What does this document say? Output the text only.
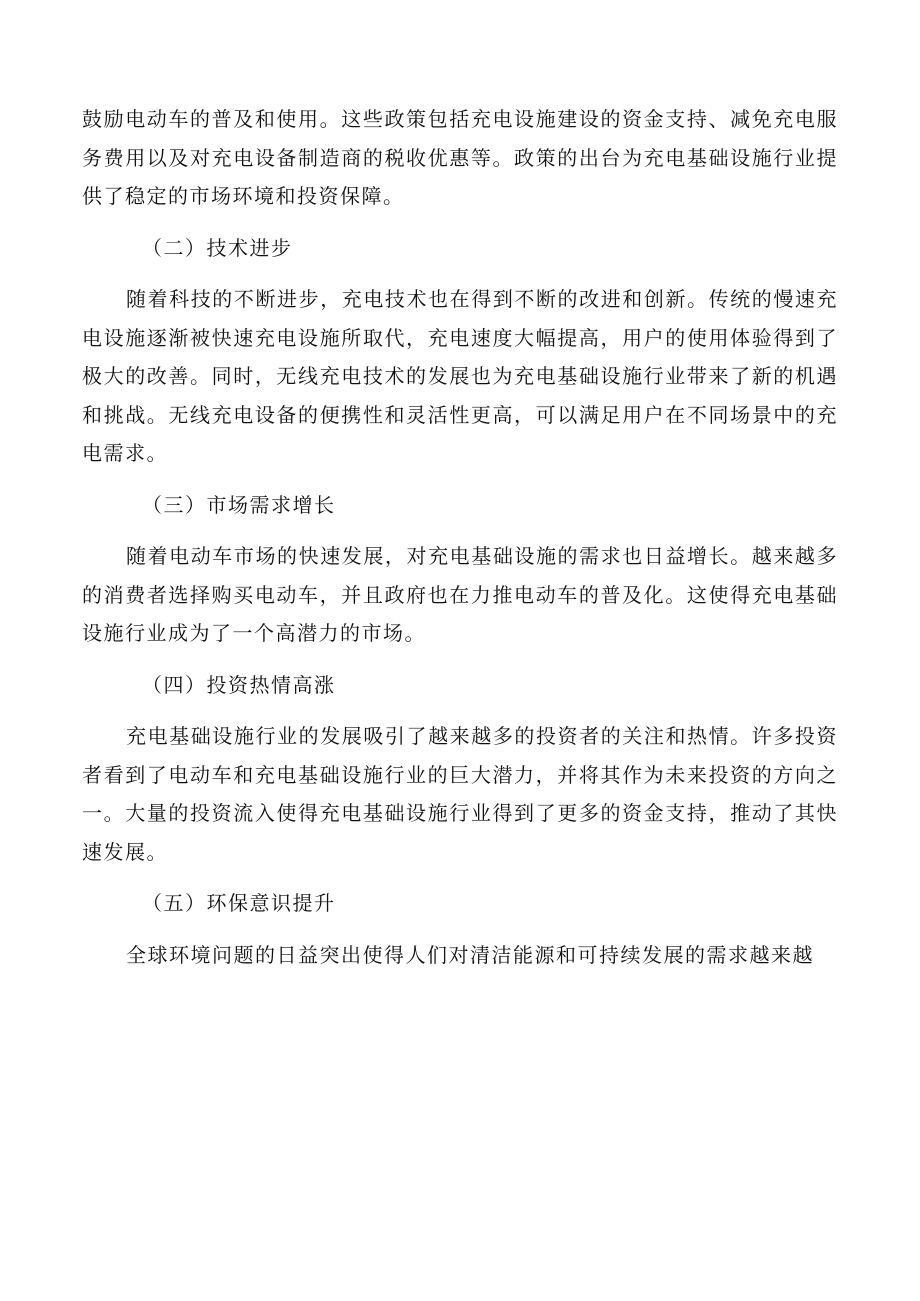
鼓励电动车的普及和使用。这些政策包括充电设施建设的资金支持、减免充电服务费用以及对充电设备制造商的税收优惠等。政策的出台为充电基础设施行业提供了稳定的市场环境和投资保障。

（二）技术进步

随着科技的不断进步，充电技术也在得到不断的改进和创新。传统的慢速充电设施逐渐被快速充电设施所取代，充电速度大幅提高，用户的使用体验得到了极大的改善。同时，无线充电技术的发展也为充电基础设施行业带来了新的机遇和挑战。无线充电设备的便携性和灵活性更高，可以满足用户在不同场景中的充电需求。

（三）市场需求增长

随着电动车市场的快速发展，对充电基础设施的需求也日益增长。越来越多的消费者选择购买电动车，并且政府也在力推电动车的普及化。这使得充电基础设施行业成为了一个高潜力的市场。

（四）投资热情高涨

充电基础设施行业的发展吸引了越来越多的投资者的关注和热情。许多投资者看到了电动车和充电基础设施行业的巨大潜力，并将其作为未来投资的方向之一。大量的投资流入使得充电基础设施行业得到了更多的资金支持，推动了其快速发展。

（五）环保意识提升

全球环境问题的日益突出使得人们对清洁能源和可持续发展的需求越来越
